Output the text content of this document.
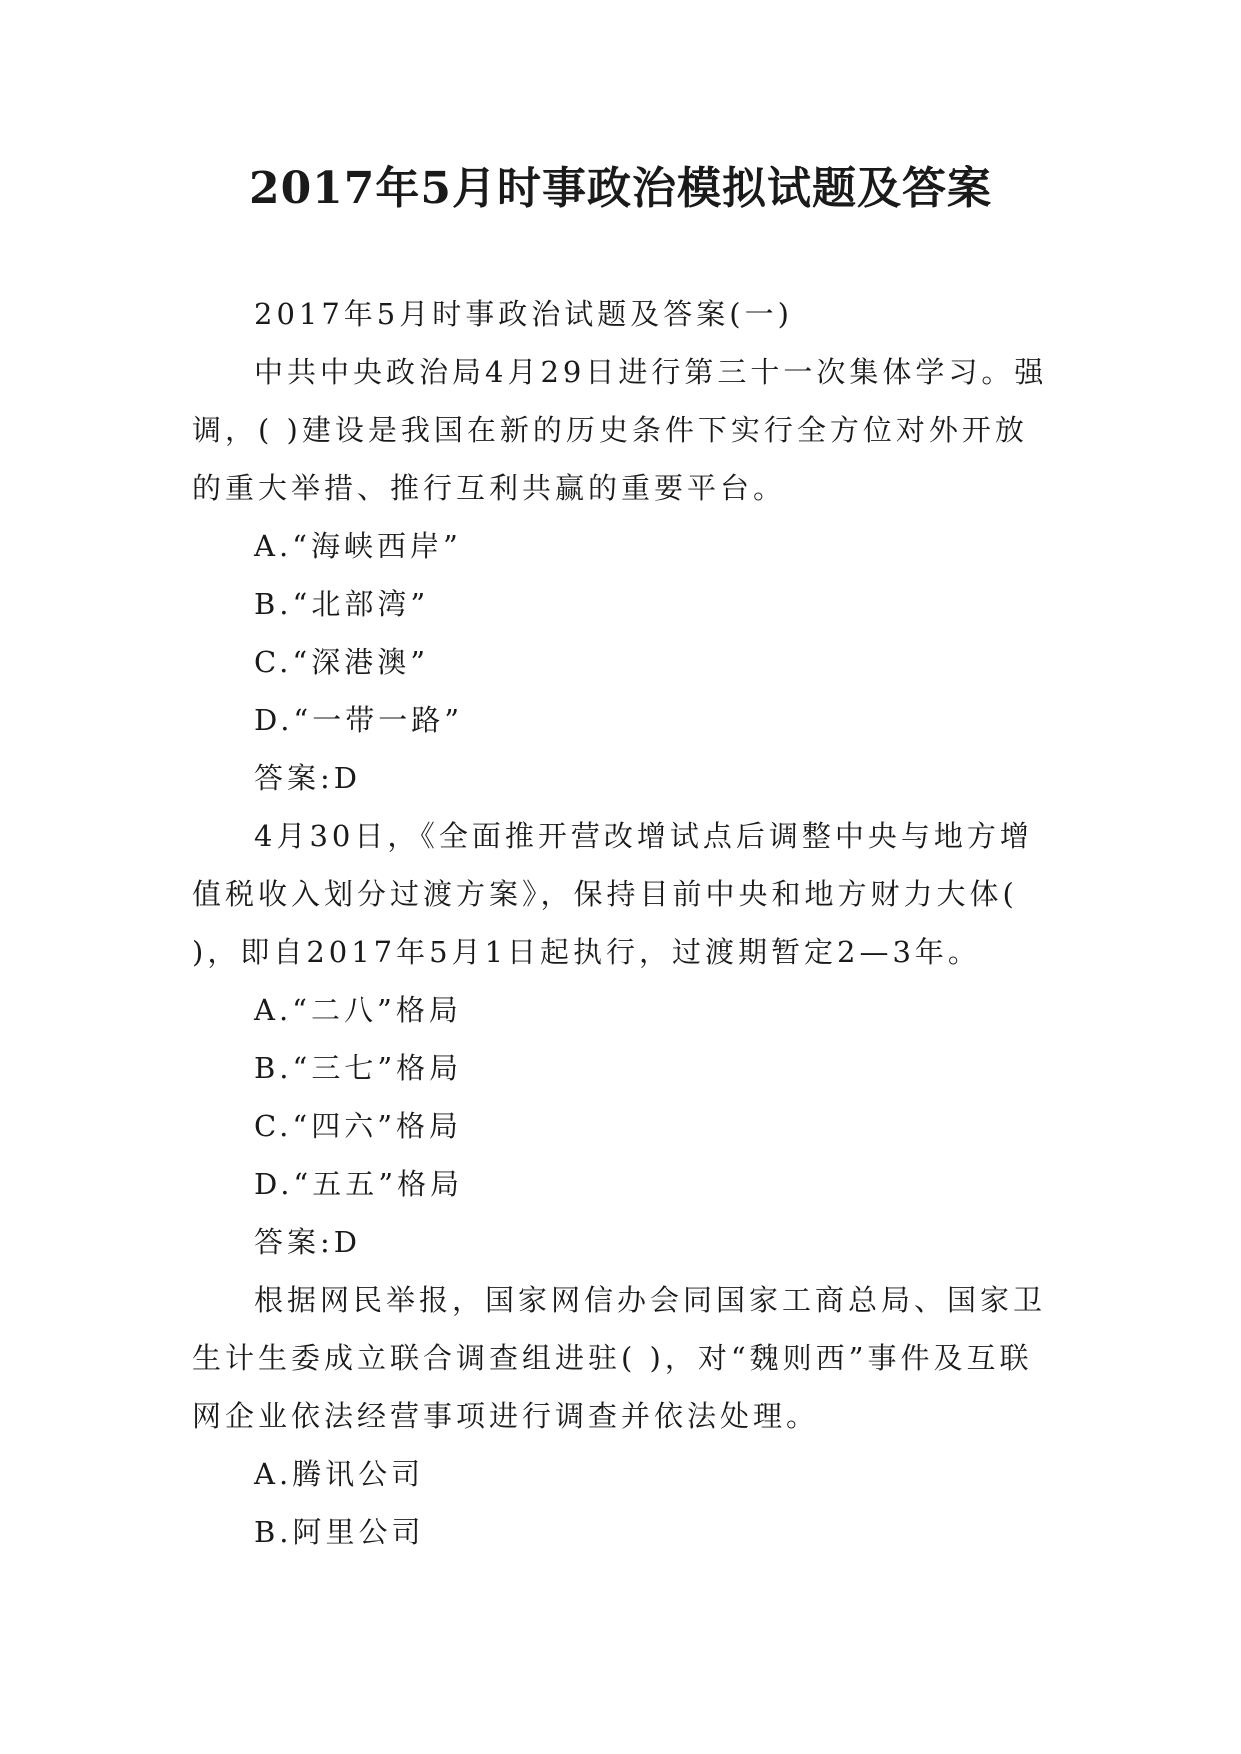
2017年5月时事政治模拟试题及答案

2017年5月时事政治试题及答案(一)

中共中央政治局4月29日进行第三十一次集体学习。强调，( )建设是我国在新的历史条件下实行全方位对外开放的重大举措、推行互利共赢的重要平台。

A.“海峡西岸”

B.“北部湾”

C.“深港澳”

D.“一带一路”

答案:D

4月30日，《全面推开营改增试点后调整中央与地方增值税收入划分过渡方案》，保持目前中央和地方财力大体( )，即自2017年5月1日起执行，过渡期暂定2—3年。

A.“二八”格局

B.“三七”格局

C.“四六”格局

D.“五五”格局

答案:D

根据网民举报，国家网信办会同国家工商总局、国家卫生计生委成立联合调查组进驻( )，对“魏则西”事件及互联网企业依法经营事项进行调查并依法处理。

A.腾讯公司

B.阿里公司
